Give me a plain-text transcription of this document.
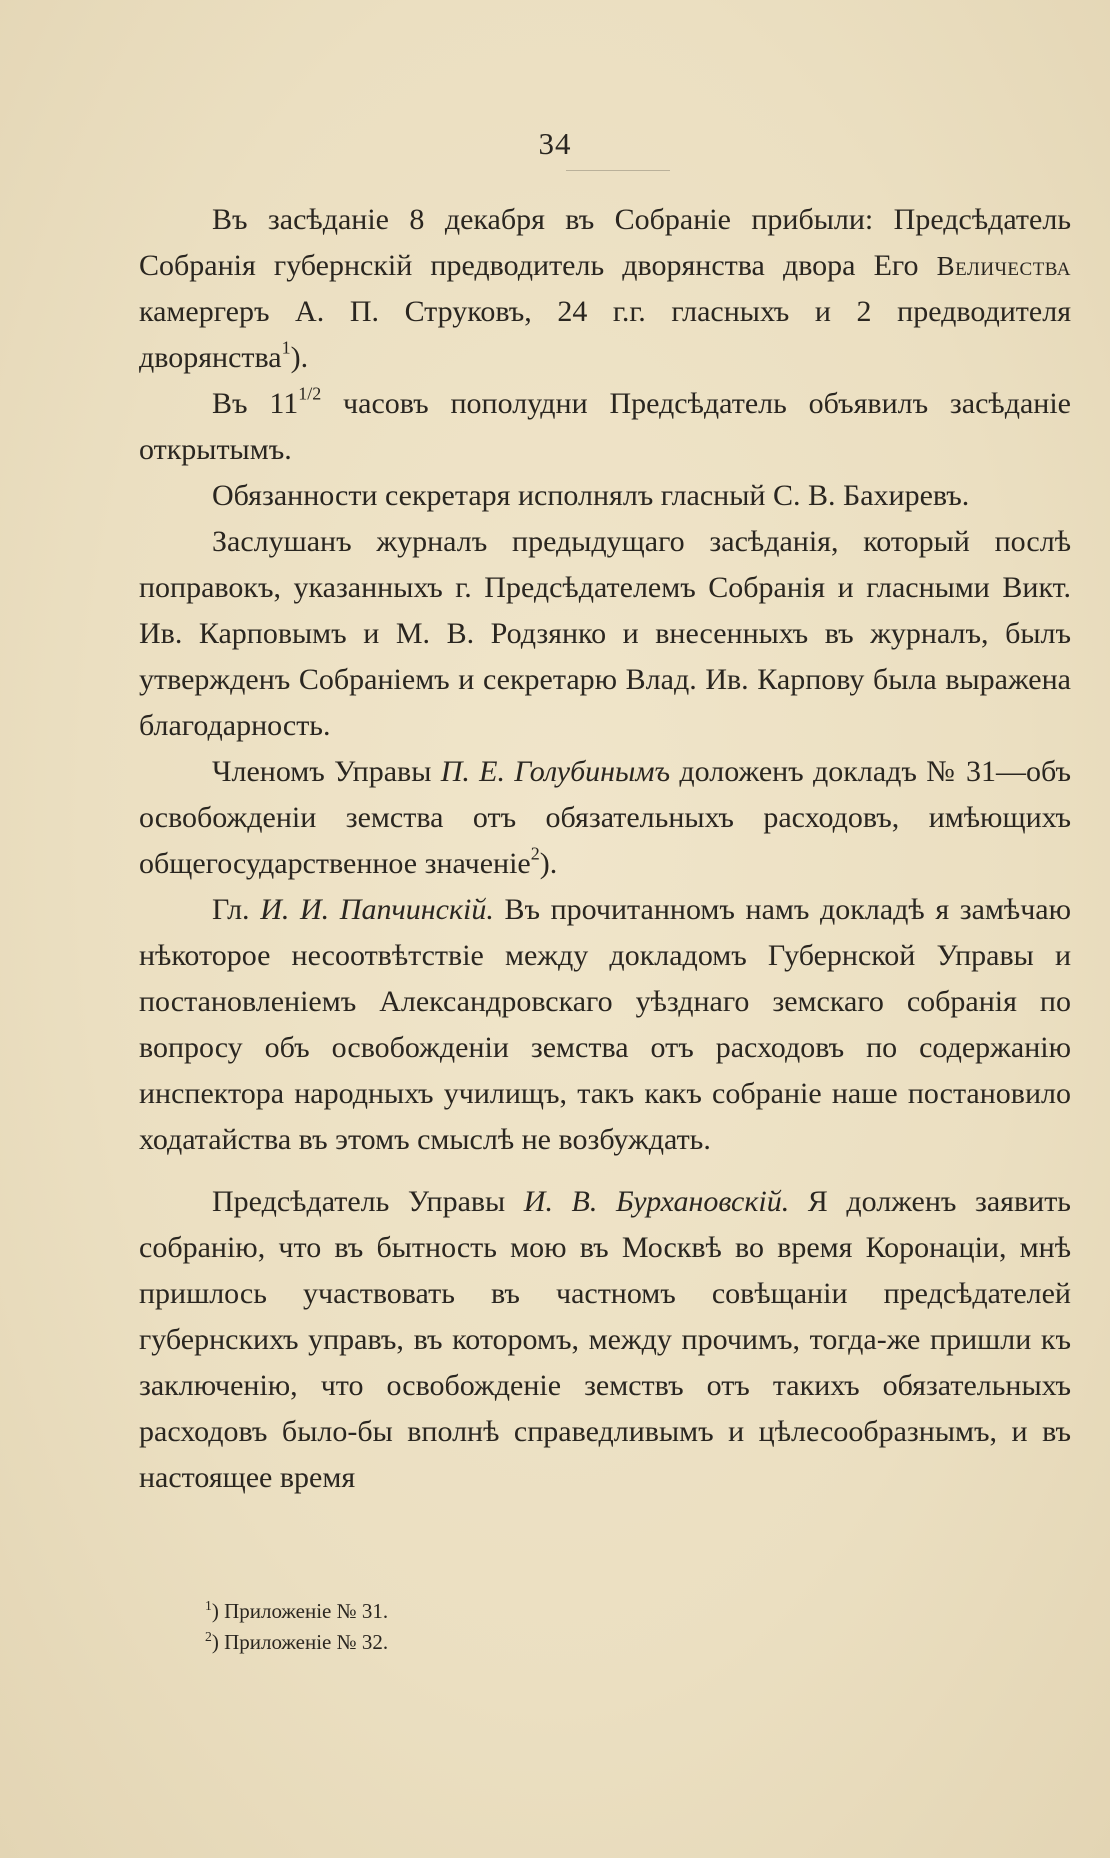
34

Въ засѣданіе 8 декабря въ Собраніе прибыли: Предсѣдатель Собранія губернскій предводитель дворянства двора Его Величества камергеръ А. П. Струковъ, 24 г.г. гласныхъ и 2 предводителя дворянства$^1$).

Въ 11$^{1/2}$ часовъ пополудни Предсѣдатель объявилъ засѣданіе открытымъ.

Обязанности секретаря исполнялъ гласный С. В. Бахиревъ.

Заслушанъ журналъ предыдущаго засѣданія, который послѣ поправокъ, указанныхъ г. Предсѣдателемъ Собранія и гласными Викт. Ив. Карповымъ и М. В. Родзянко и внесенныхъ въ журналъ, былъ утвержденъ Собраніемъ и секретарю Влад. Ив. Карпову была выражена благодарность.

Членомъ Управы П. Е. Голубинымъ доложенъ докладъ № 31—объ освобожденіи земства отъ обязательныхъ расходовъ, имѣющихъ общегосударственное значеніе$^2$).

Гл. И. И. Папчинскій. Въ прочитанномъ намъ докладѣ я замѣчаю нѣкоторое несоотвѣтствіе между докладомъ Губернской Управы и постановленіемъ Александровскаго уѣзднаго земскаго собранія по вопросу объ освобожденіи земства отъ расходовъ по содержанію инспектора народныхъ училищъ, такъ какъ собраніе наше постановило ходатайства въ этомъ смыслѣ не возбуждать.

Предсѣдатель Управы И. В. Бурхановскій. Я долженъ заявить собранію, что въ бытность мою въ Москвѣ во время Коронаціи, мнѣ пришлось участвовать въ частномъ совѣщаніи предсѣдателей губернскихъ управъ, въ которомъ, между прочимъ, тогда-же пришли къ заключенію, что освобожденіе земствъ отъ такихъ обязательныхъ расходовъ было-бы вполнѣ справедливымъ и цѣлесообразнымъ, и въ настоящее время

$^1$) Приложеніе № 31.

$^2$) Приложеніе № 32.
